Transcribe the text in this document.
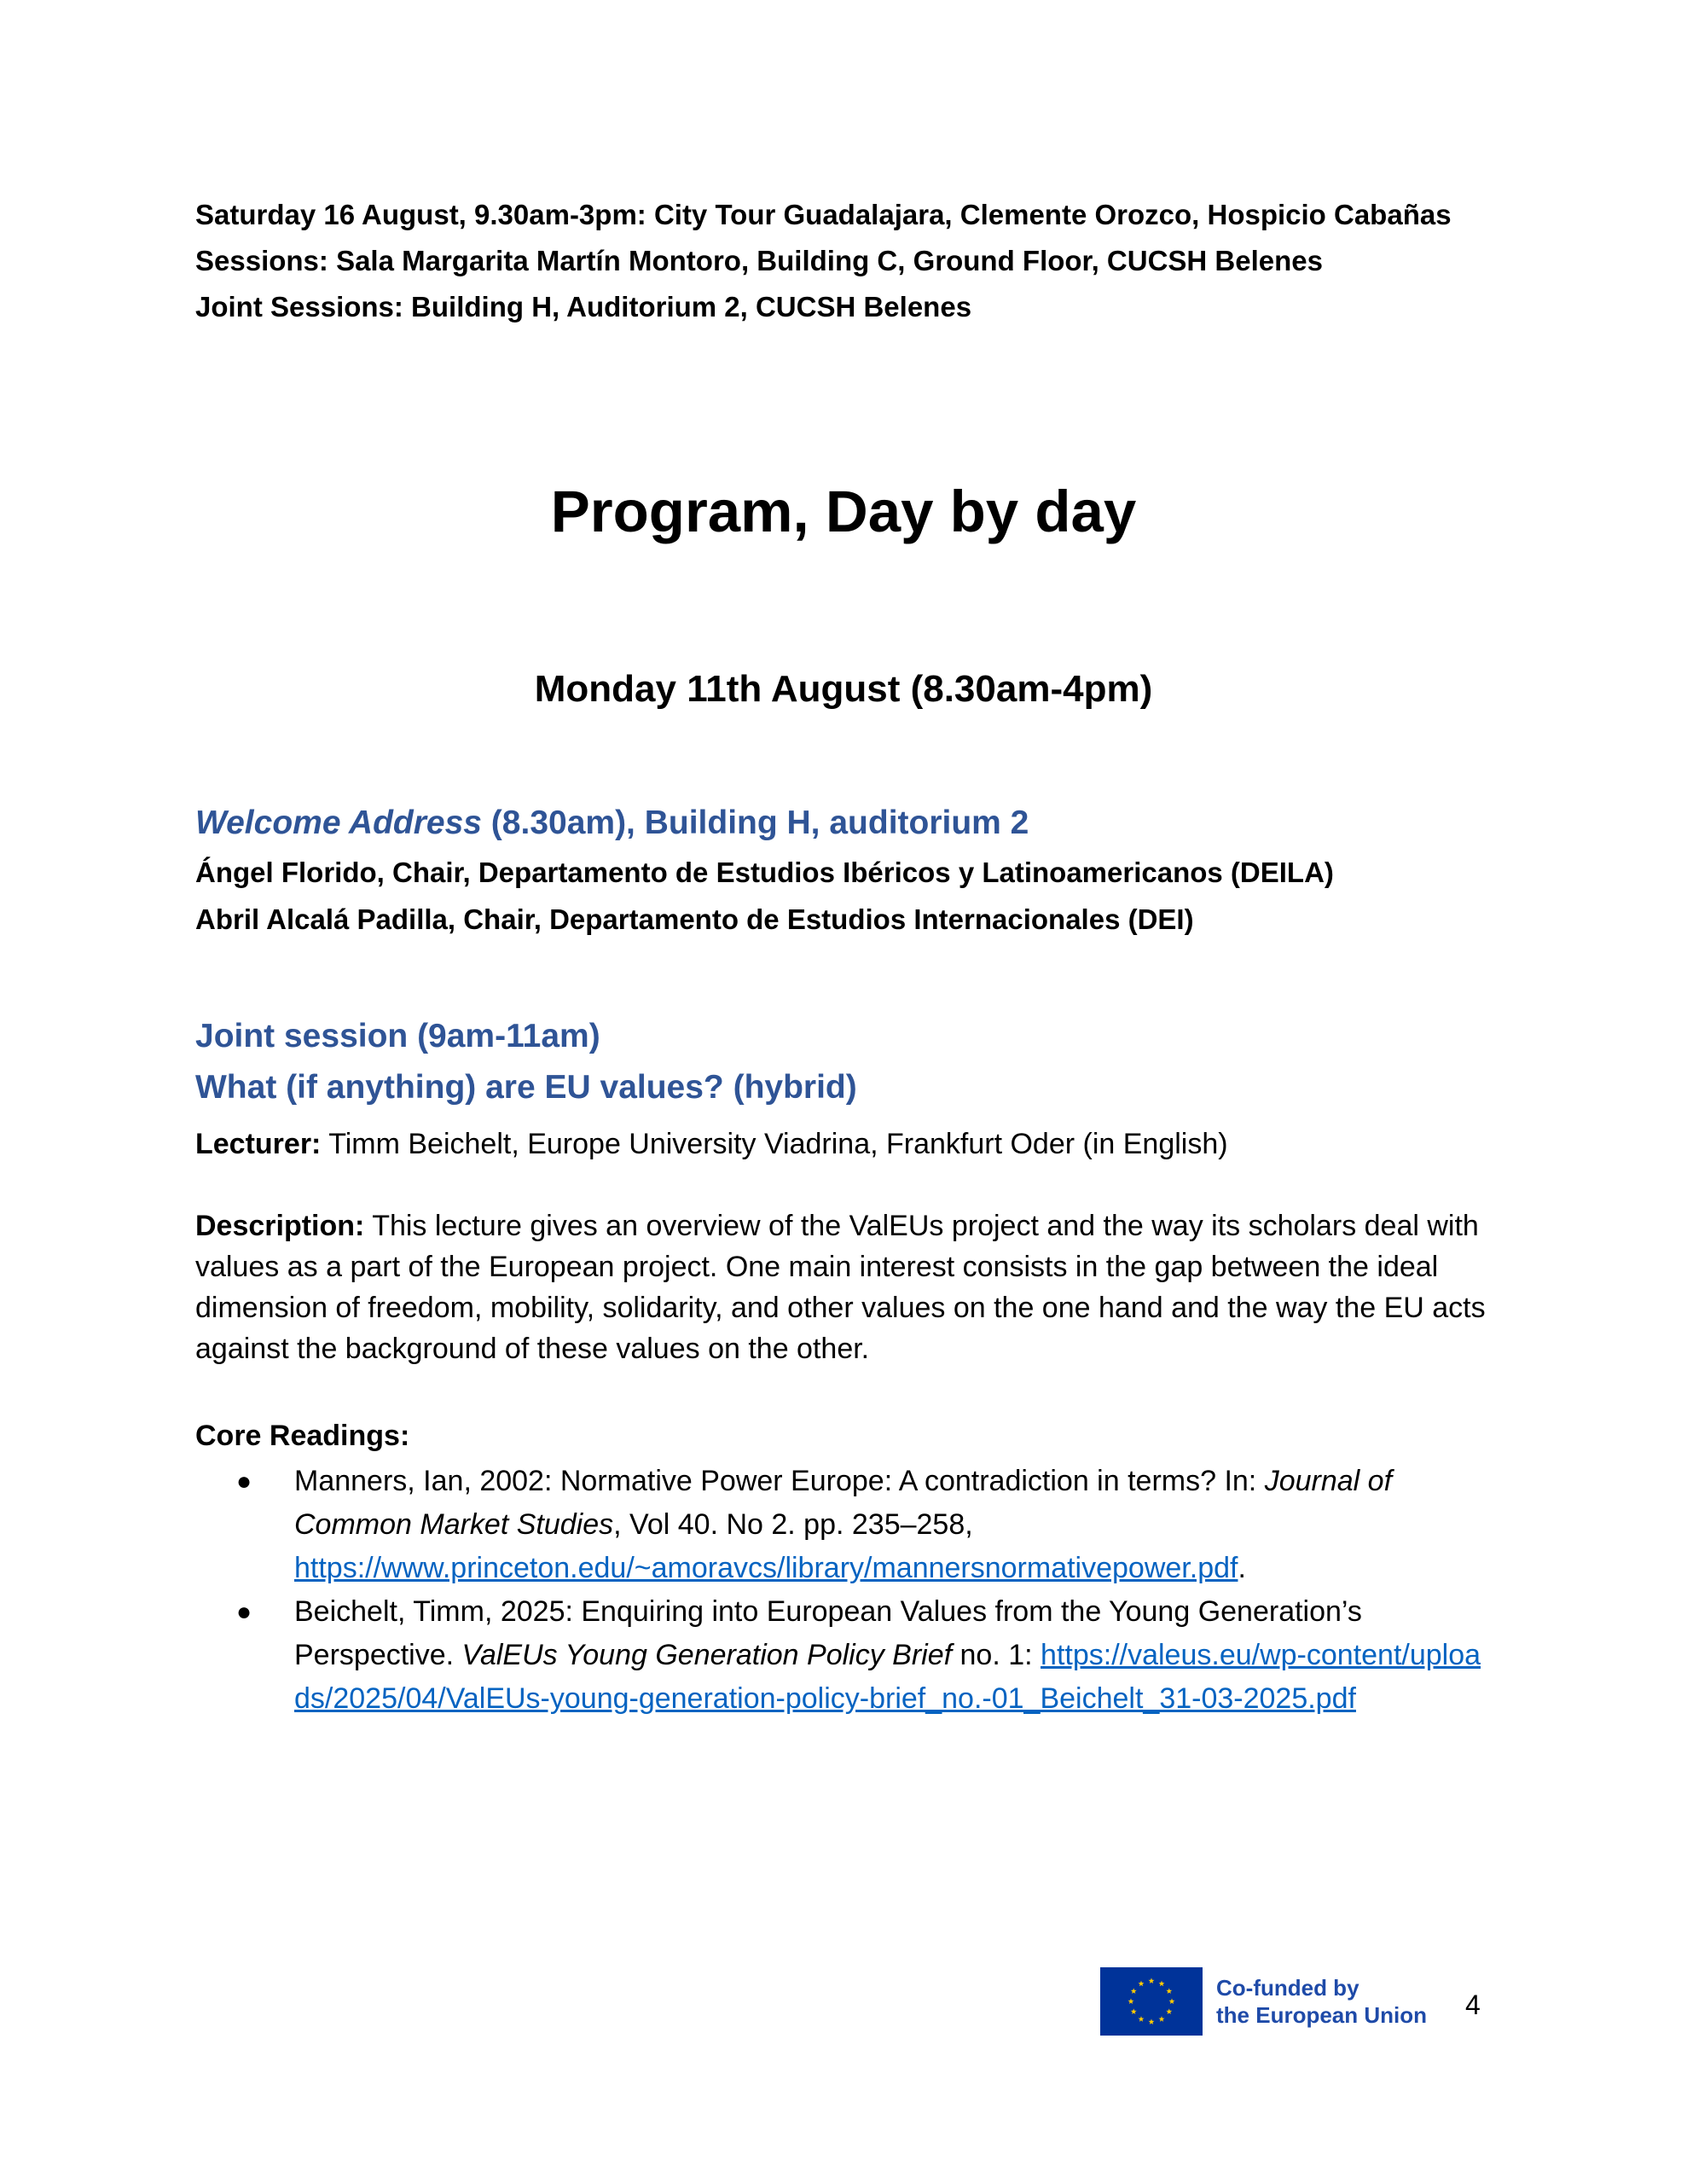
Saturday 16 August, 9.30am-3pm: City Tour Guadalajara, Clemente Orozco, Hospicio Cabañas
Sessions: Sala Margarita Martín Montoro, Building C, Ground Floor, CUCSH Belenes
Joint Sessions: Building H, Auditorium 2, CUCSH Belenes
Program, Day by day
Monday 11th August (8.30am-4pm)
Welcome Address (8.30am), Building H, auditorium 2
Ángel Florido, Chair, Departamento de Estudios Ibéricos y Latinoamericanos (DEILA)
Abril Alcalá Padilla, Chair, Departamento de Estudios Internacionales (DEI)
Joint session (9am-11am)
What (if anything) are EU values? (hybrid)
Lecturer: Timm Beichelt, Europe University Viadrina, Frankfurt Oder (in English)
Description: This lecture gives an overview of the ValEUs project and the way its scholars deal with values as a part of the European project. One main interest consists in the gap between the ideal dimension of freedom, mobility, solidarity, and other values on the one hand and the way the EU acts against the background of these values on the other.
Core Readings:
● Manners, Ian, 2002: Normative Power Europe: A contradiction in terms? In: Journal of Common Market Studies, Vol 40. No 2. pp. 235–258, https://www.princeton.edu/~amoravcs/library/mannersnormativepower.pdf.
● Beichelt, Timm, 2025: Enquiring into European Values from the Young Generation’s Perspective. ValEUs Young Generation Policy Brief no. 1: https://valeus.eu/wp-content/uploads/2025/04/ValEUs-young-generation-policy-brief_no.-01_Beichelt_31-03-2025.pdf
Co-funded by
the European Union 4
